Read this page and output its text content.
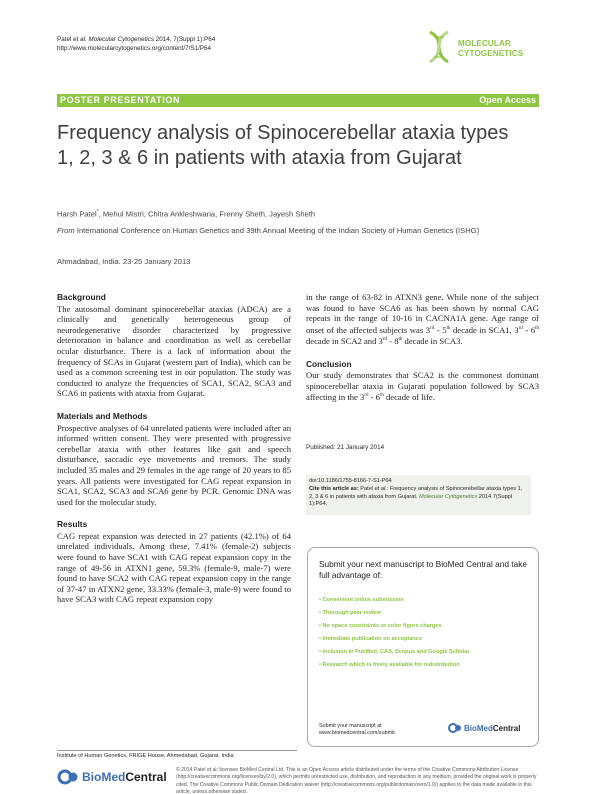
Patel et al. Molecular Cytogenetics 2014, 7(Suppl 1):P64
http://www.molecularcytogenetics.org/content/7/S1/P64
MOLECULAR
CYTOGENETICS
POSTER PRESENTATION	Open Access
Frequency analysis of Spinocerebellar ataxia types 1, 2, 3 & 6 in patients with ataxia from Gujarat
Harsh Patel*, Mehul Mistri, Chitra Ankleshwaria, Frenny Sheth, Jayesh Sheth
From International Conference on Human Genetics and 39th Annual Meeting of the Indian Society of Human Genetics (ISHG)
Ahmadabad, India. 23-25 January 2013
Background

The autosomal dominant spinocerebellar ataxias (ADCA) are a clinically and genetically heterogeneous group of neurodegenerative disorder characterized by progressive deterioration in balance and coordination as well as cerebellar ocular disturbance. There is a lack of information about the frequency of SCAs in Gujarat (western part of India), which can be used as a common screening test in our population. The study was conducted to analyze the frequencies of SCA1, SCA2, SCA3 and SCA6 in patients with ataxia from Gujarat.

Materials and Methods

Prospective analyses of 64 unrelated patients were included after an informed written consent. They were presented with progressive cerebellar ataxia with other features like gait and speech disturbance, saccadic eye movements and tremors. The study included 35 males and 29 females in the age range of 20 years to 85 years. All patients were investigated for CAG repeat expansion in SCA1, SCA2, SCA3 and SCA6 gene by PCR. Genomic DNA was used for the molecular study.

Results

CAG repeat expansion was detected in 27 patients (42.1%) of 64 unrelated individuals. Among these, 7.41% (female-2) subjects were found to have SCA1 with CAG repeat expansion copy in the range of 49-56 in ATXN1 gene, 59.3% (female-9, male-7) were found to have SCA2 with CAG repeat expansion copy in the range of 37-47 in ATXN2 gene, 33.33% (female-3, male-9) were found to have SCA3 with CAG repeat expansion copy

in the range of 63-82 in ATXN3 gene. While none of the subject was found to have SCA6 as has been shown by normal CAG repeats in the range of 10-16 in CACNA1A gene. Age range of onset of the affected subjects was 3rd - 5th decade in SCA1, 3rd - 6th decade in SCA2 and 3rd - 8th decade in SCA3.

Conclusion

Our study demonstrates that SCA2 is the commonest dominant spinocerebellar ataxia in Gujarati population followed by SCA3 affecting in the 3rd - 6th decade of life.

Published: 21 January 2014
doi:10.1186/1755-8166-7-S1-P64
Cite this article as: Patel et al.: Frequency analysis of Spinocerebellar ataxia types 1, 2, 3 & 6 in patients with ataxia from Gujarat. Molecular Cytogenetics 2014 7(Suppl 1):P64.
Submit your next manuscript to BioMed Central and take full advantage of:
• Convenient online submission
• Thorough peer review
• No space constraints or color figure charges
• Immediate publication on acceptance
• Inclusion in PubMed, CAS, Scopus and Google Scholar
• Research which is freely available for redistribution
Submit your manuscript at
www.biomedcentral.com/submit
BioMed Central
Institute of Human Genetics, FRIGE House, Ahmedabad, Gujarat, India
BioMed Central © 2014 Patel et al; licensee BioMed Central Ltd. This is an Open Access article distributed under the terms of the Creative Commons Attribution License (http://creativecommons.org/licenses/by/2.0), which permits unrestricted use, distribution, and reproduction in any medium, provided the original work is properly cited. The Creative Commons Public Domain Dedication waiver (http://creativecommons.org/publicdomain/zero/1.0/) applies to the data made available in this article, unless otherwise stated.
